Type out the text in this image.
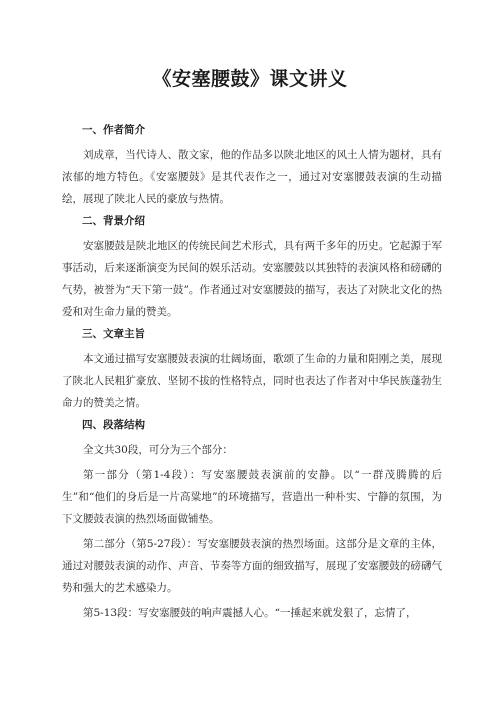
《安塞腰鼓》课文讲义
一、作者简介

刘成章，当代诗人、散文家，他的作品多以陕北地区的风土人情为题材，具有浓郁的地方特色。《安塞腰鼓》是其代表作之一，通过对安塞腰鼓表演的生动描绘，展现了陕北人民的豪放与热情。

二、背景介绍

安塞腰鼓是陕北地区的传统民间艺术形式，具有两千多年的历史。它起源于军事活动，后来逐渐演变为民间的娱乐活动。安塞腰鼓以其独特的表演风格和磅礴的气势，被誉为“天下第一鼓”。作者通过对安塞腰鼓的描写，表达了对陕北文化的热爱和对生命力量的赞美。

三、文章主旨

本文通过描写安塞腰鼓表演的壮阔场面，歌颂了生命的力量和阳刚之美，展现了陕北人民粗犷豪放、坚韧不拔的性格特点，同时也表达了作者对中华民族蓬勃生命力的赞美之情。

四、段落结构

全文共30段，可分为三个部分：

第一部分（第1-4段）：写安塞腰鼓表演前的安静。以“一群茂腾腾的后生”和“他们的身后是一片高粱地”的环境描写，营造出一种朴实、宁静的氛围，为下文腰鼓表演的热烈场面做铺垫。

第二部分（第5-27段）：写安塞腰鼓表演的热烈场面。这部分是文章的主体，通过对腰鼓表演的动作、声音、节奏等方面的细致描写，展现了安塞腰鼓的磅礴气势和强大的艺术感染力。

第5-13段：写安塞腰鼓的响声震撼人心。“一捶起来就发狠了，忘情了，
